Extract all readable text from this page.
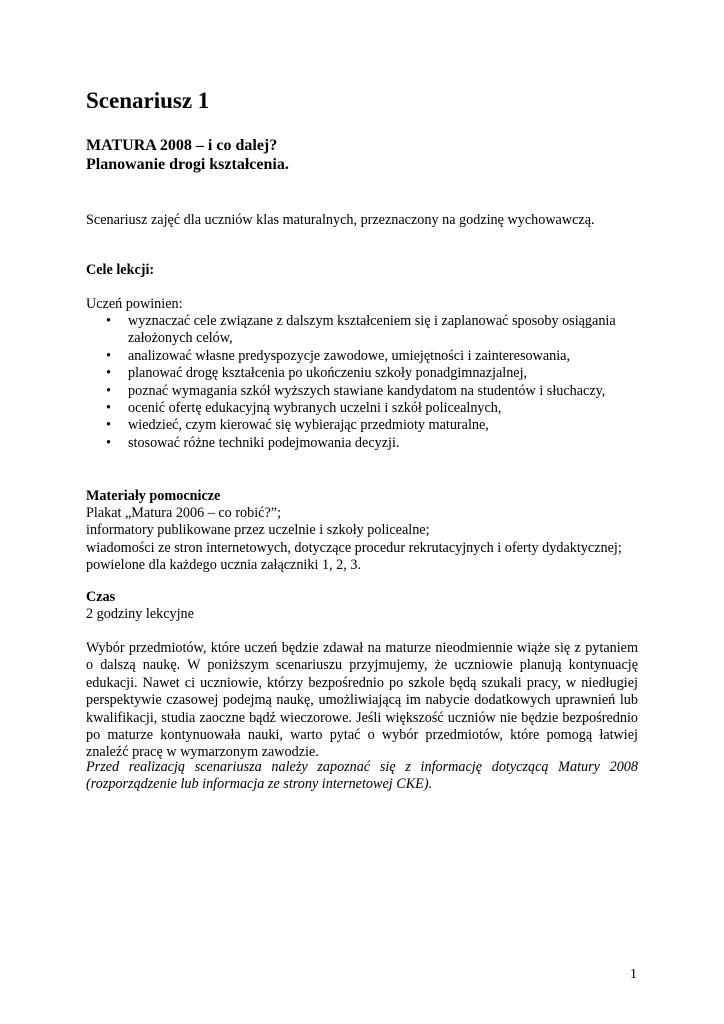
Scenariusz 1
MATURA 2008 – i co dalej?
Planowanie drogi kształcenia.

Scenariusz zajęć dla uczniów klas maturalnych, przeznaczony na godzinę wychowawczą.

Cele lekcji:
Uczeń powinien:
• wyznaczać cele związane z dalszym kształceniem się i zaplanować sposoby osiągania założonych celów,
• analizować własne predyspozycje zawodowe, umiejętności i zainteresowania,
• planować drogę kształcenia po ukończeniu szkoły ponadgimnazjalnej,
• poznać wymagania szkół wyższych stawiane kandydatom na studentów i słuchaczy,
• ocenić ofertę edukacyjną wybranych uczelni i szkół policealnych,
• wiedzieć, czym kierować się wybierając przedmioty maturalne,
• stosować różne techniki podejmowania decyzji.
Materiały pomocnicze
Plakat „Matura 2006 – co robić?”;
informatory publikowane przez uczelnie i szkoły policealne;
wiadomości ze stron internetowych, dotyczące procedur rekrutacyjnych i oferty dydaktycznej;
powielone dla każdego ucznia załączniki 1, 2, 3.
Czas
2 godziny lekcyjne

Wybór przedmiotów, które uczeń będzie zdawał na maturze nieodmiennie wiąże się z pytaniem o dalszą naukę. W poniższym scenariuszu przyjmujemy, że uczniowie planują kontynuację edukacji. Nawet ci uczniowie, którzy bezpośrednio po szkole będą szukali pracy, w niedługiej perspektywie czasowej podejmą naukę, umożliwiającą im nabycie dodatkowych uprawnień lub kwalifikacji, studia zaoczne bądź wieczorowe. Jeśli większość uczniów nie będzie bezpośrednio po maturze kontynuowała nauki, warto pytać o wybór przedmiotów, które pomogą łatwiej znaleźć pracę w wymarzonym zawodzie.

Przed realizacją scenariusza należy zapoznać się z informację dotyczącą Matury 2008 (rozporządzenie lub informacja ze strony internetowej CKE).

1
